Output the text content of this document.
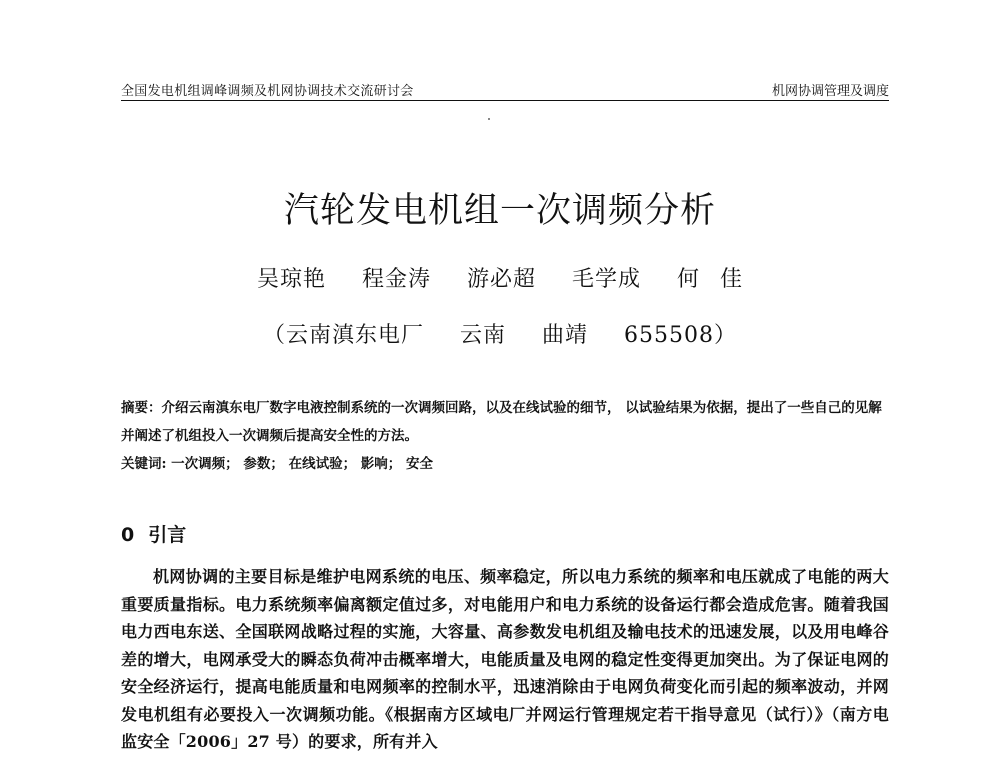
全国发电机组调峰调频及机网协调技术交流研讨会	机网协调管理及调度
汽轮发电机组一次调频分析
吴琼艳 程金涛 游必超 毛学成 何 佳
（云南滇东电厂 云南 曲靖 655508）
摘要：介绍云南滇东电厂数字电液控制系统的一次调频回路，以及在线试验的细节， 以试验结果为依据，提出了一些自己的见解并阐述了机组投入一次调频后提高安全性的方法。
关键词: 一次调频； 参数； 在线试验； 影响； 安全
0 引言
机网协调的主要目标是维护电网系统的电压、频率稳定，所以电力系统的频率和电压就成了电能的两大重要质量指标。电力系统频率偏离额定值过多，对电能用户和电力系统的设备运行都会造成危害。随着我国电力西电东送、全国联网战略过程的实施，大容量、高参数发电机组及输电技术的迅速发展，以及用电峰谷差的增大，电网承受大的瞬态负荷冲击概率增大，电能质量及电网的稳定性变得更加突出。为了保证电网的安全经济运行，提高电能质量和电网频率的控制水平，迅速消除由于电网负荷变化而引起的频率波动，并网发电机组有必要投入一次调频功能。《根据南方区域电厂并网运行管理规定若干指导意见（试行）》（南方电监安全「2006」27 号）的要求，所有并入
